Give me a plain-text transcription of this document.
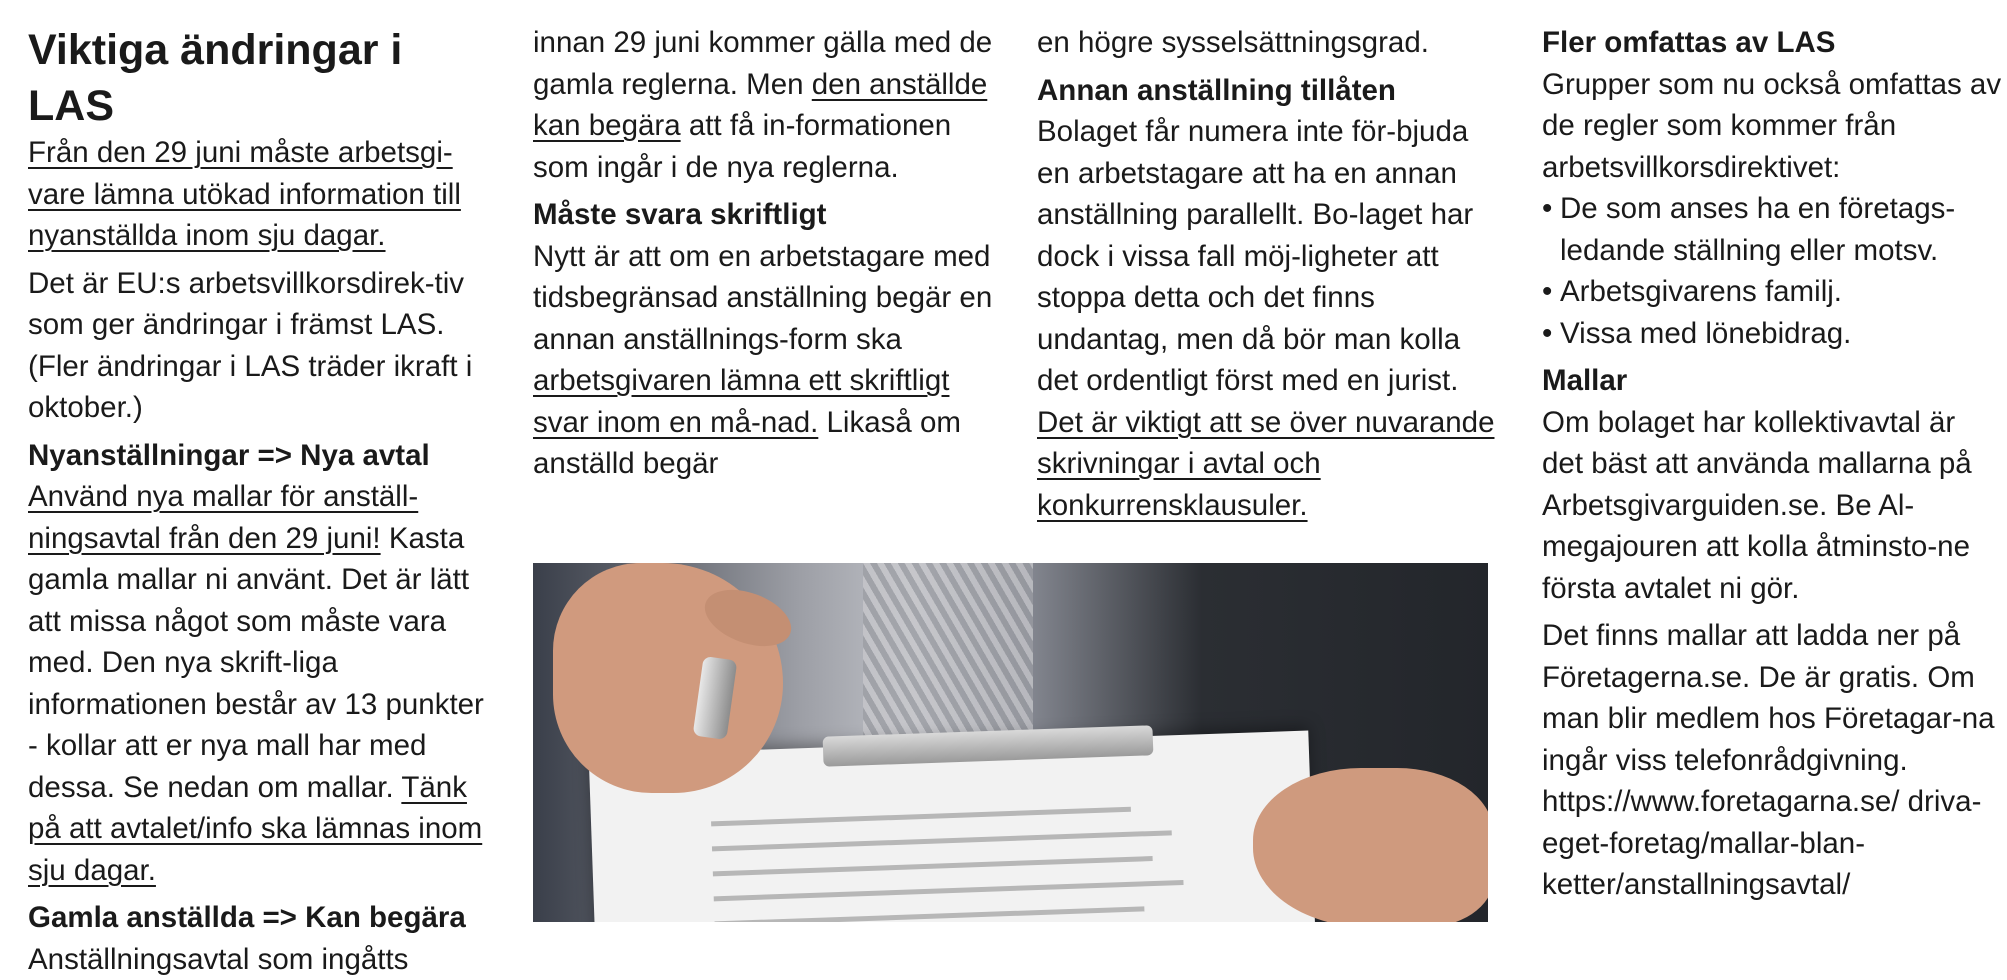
Viktiga ändringar i LAS
Från den 29 juni måste arbetsgi-vare lämna utökad information till nyanställda inom sju dagar.
Det är EU:s arbetsvillkorsdirek-tiv som ger ändringar i främst LAS. (Fler ändringar i LAS träder ikraft i oktober.)
Nyanställningar => Nya avtal
Använd nya mallar för anställ-ningsavtal från den 29 juni! Kasta gamla mallar ni använt. Det är lätt att missa något som måste vara med. Den nya skrift-liga informationen består av 13 punkter - kollar att er nya mall har med dessa. Se nedan om mallar. Tänk på att avtalet/info ska lämnas inom sju dagar.
Gamla anställda => Kan begära
Anställningsavtal som ingåtts
innan 29 juni kommer gälla med de gamla reglerna. Men den anställde kan begära att få in-formationen som ingår i de nya reglerna.
Måste svara skriftligt
Nytt är att om en arbetstagare med tidsbegränsad anställning begär en annan anställnings-form ska arbetsgivaren lämna ett skriftligt svar inom en må-nad. Likaså om anställd begär
en högre sysselsättningsgrad.
Annan anställning tillåten
Bolaget får numera inte för-bjuda en arbetstagare att ha en annan anställning parallellt. Bo-laget har dock i vissa fall möj-ligheter att stoppa detta och det finns undantag, men då bör man kolla det ordentligt först med en jurist. Det är viktigt att se över nuvarande skrivningar i avtal och konkurrensklausuler.
Fler omfattas av LAS
Grupper som nu också omfattas av de regler som kommer från arbetsvillkorsdirektivet:
• De som anses ha en företags-ledande ställning eller motsv.
• Arbetsgivarens familj.
• Vissa med lönebidrag.
Mallar
Om bolaget har kollektivavtal är det bäst att använda mallarna på Arbetsgivarguiden.se. Be Al-megajouren att kolla åtminsto-ne första avtalet ni gör.
Det finns mallar att ladda ner på Företagerna.se. De är gratis. Om man blir medlem hos Företagar-na ingår viss telefonrådgivning. https://www.foretagarna.se/ driva-eget-foretag/mallar-blan-ketter/anstallningsavtal/
